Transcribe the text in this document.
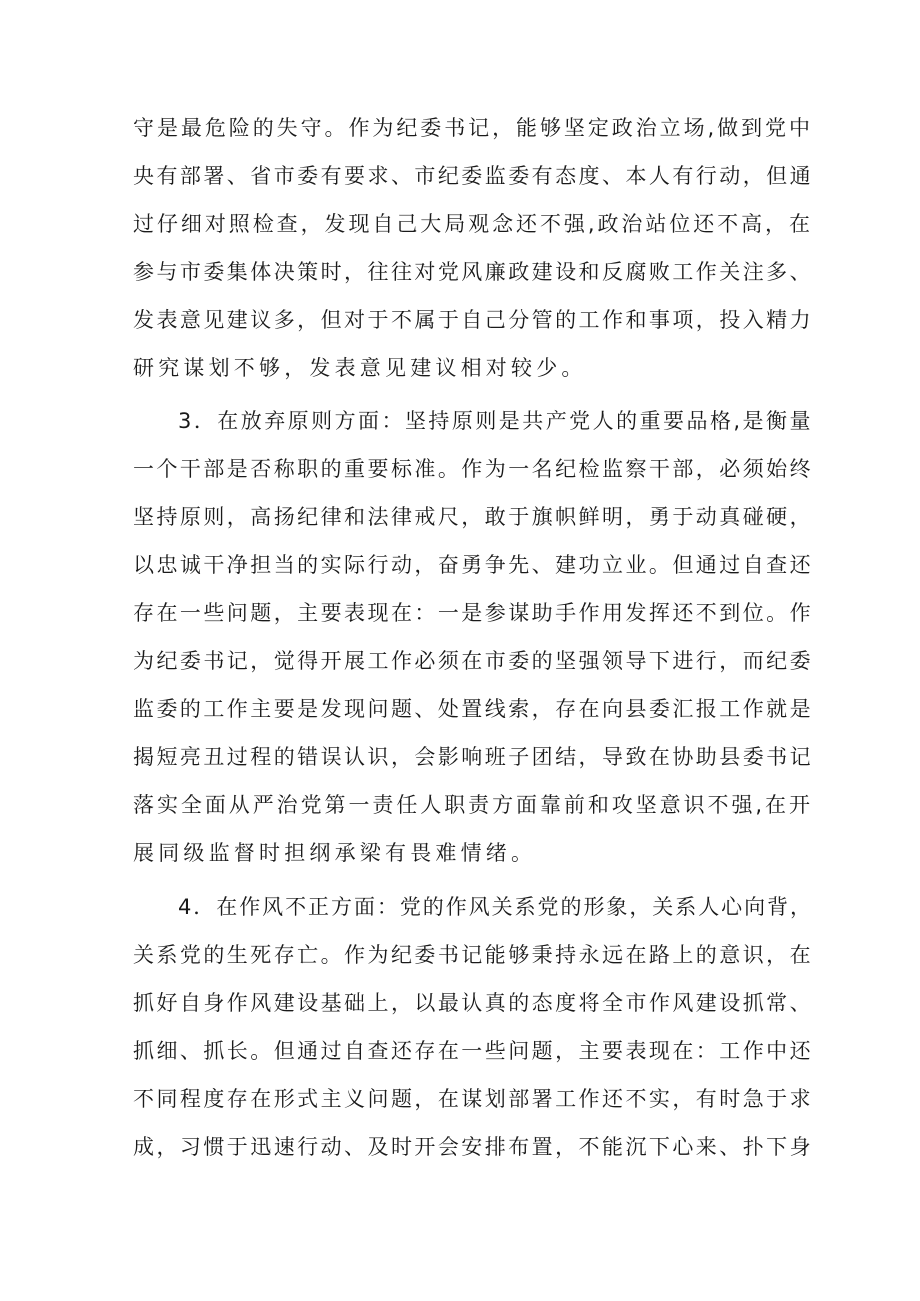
守是最危险的失守。作为纪委书记，能够坚定政治立场,做到党中
央有部署、省市委有要求、市纪委监委有态度、本人有行动，但通
过仔细对照检查，发现自己大局观念还不强,政治站位还不高，在
参与市委集体决策时，往往对党风廉政建设和反腐败工作关注多、
发表意见建议多，但对于不属于自己分管的工作和事项，投入精力
研究谋划不够，发表意见建议相对较少。
3．在放弃原则方面：坚持原则是共产党人的重要品格,是衡量
一个干部是否称职的重要标准。作为一名纪检监察干部，必须始终
坚持原则，高扬纪律和法律戒尺，敢于旗帜鲜明，勇于动真碰硬，
以忠诚干净担当的实际行动，奋勇争先、建功立业。但通过自查还
存在一些问题，主要表现在：一是参谋助手作用发挥还不到位。作
为纪委书记，觉得开展工作必须在市委的坚强领导下进行，而纪委
监委的工作主要是发现问题、处置线索，存在向县委汇报工作就是
揭短亮丑过程的错误认识，会影响班子团结，导致在协助县委书记
落实全面从严治党第一责任人职责方面靠前和攻坚意识不强,在开
展同级监督时担纲承梁有畏难情绪。
4．在作风不正方面：党的作风关系党的形象，关系人心向背，
关系党的生死存亡。作为纪委书记能够秉持永远在路上的意识，在
抓好自身作风建设基础上，以最认真的态度将全市作风建设抓常、
抓细、抓长。但通过自查还存在一些问题，主要表现在：工作中还
不同程度存在形式主义问题，在谋划部署工作还不实，有时急于求
成，习惯于迅速行动、及时开会安排布置，不能沉下心来、扑下身
